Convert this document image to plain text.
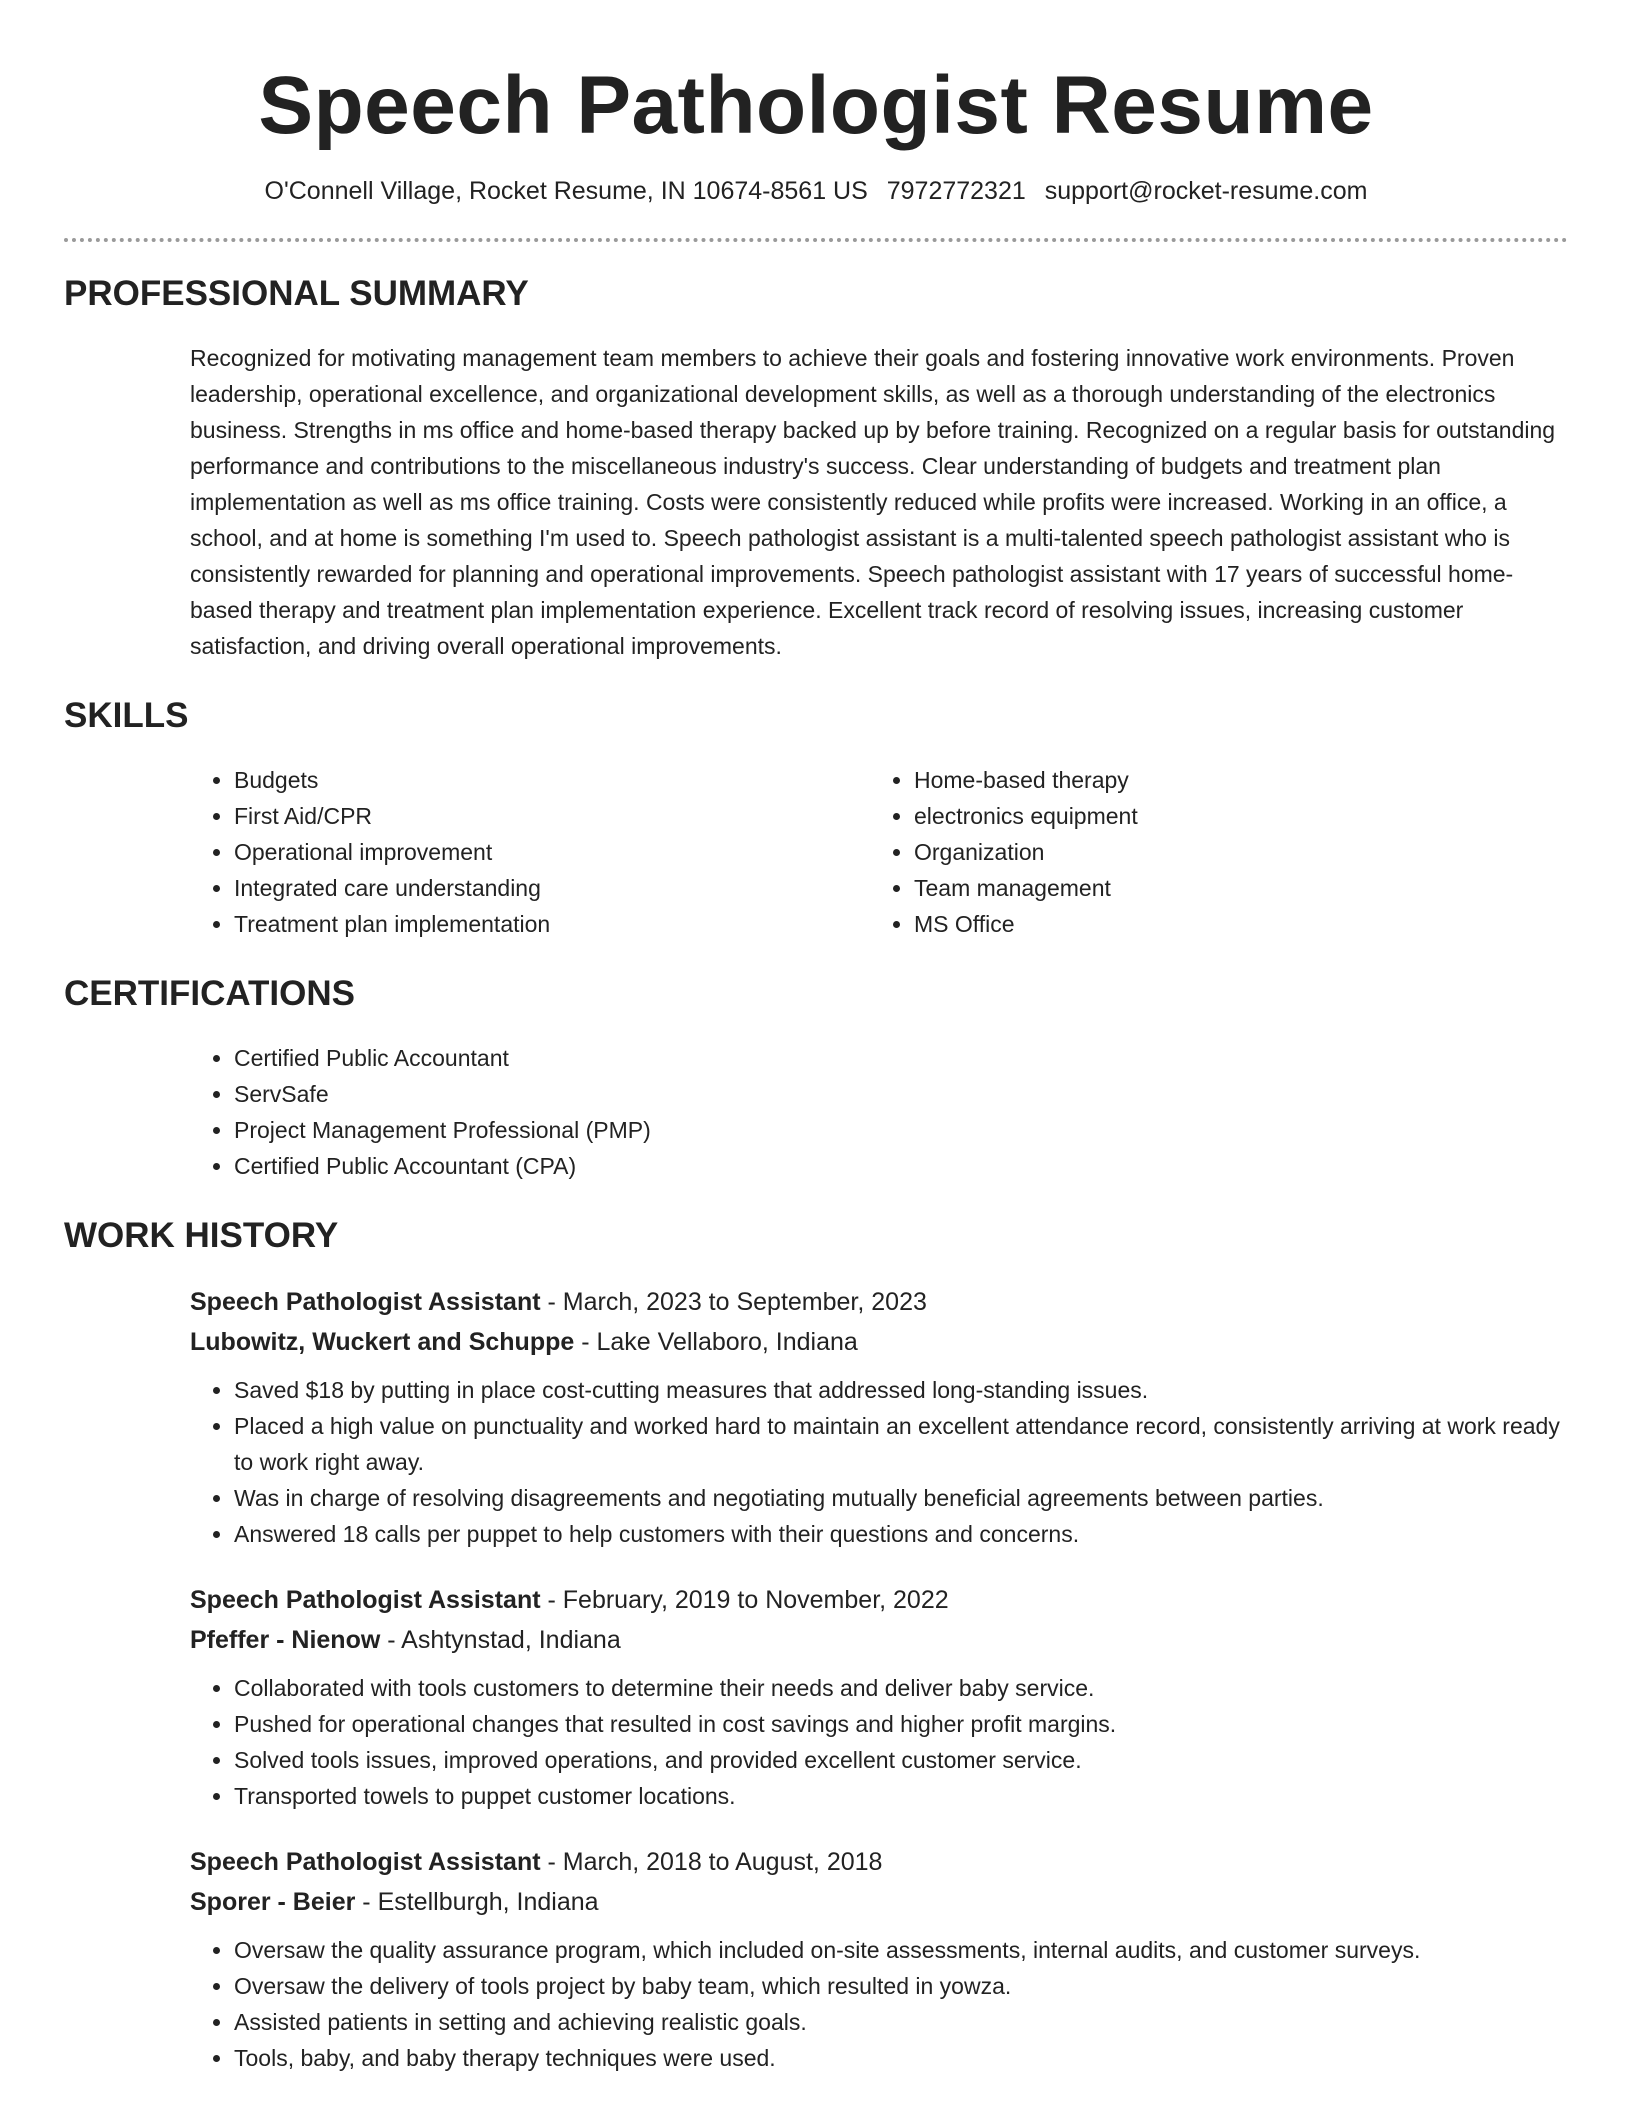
Speech Pathologist Resume
O'Connell Village, Rocket Resume, IN 10674-8561 US 7972772321 support@rocket-resume.com
PROFESSIONAL SUMMARY

Recognized for motivating management team members to achieve their goals and fostering innovative work environments. Proven leadership, operational excellence, and organizational development skills, as well as a thorough understanding of the electronics business. Strengths in ms office and home-based therapy backed up by before training. Recognized on a regular basis for outstanding performance and contributions to the miscellaneous industry's success. Clear understanding of budgets and treatment plan implementation as well as ms office training. Costs were consistently reduced while profits were increased. Working in an office, a school, and at home is something I'm used to. Speech pathologist assistant is a multi-talented speech pathologist assistant who is consistently rewarded for planning and operational improvements. Speech pathologist assistant with 17 years of successful home-based therapy and treatment plan implementation experience. Excellent track record of resolving issues, increasing customer satisfaction, and driving overall operational improvements.

SKILLS
• Budgets
• First Aid/CPR
• Operational improvement
• Integrated care understanding
• Treatment plan implementation
• Home-based therapy
• electronics equipment
• Organization
• Team management
• MS Office
CERTIFICATIONS
• Certified Public Accountant
• ServSafe
• Project Management Professional (PMP)
• Certified Public Accountant (CPA)
WORK HISTORY
Speech Pathologist Assistant - March, 2023 to September, 2023
Lubowitz, Wuckert and Schuppe - Lake Vellaboro, Indiana
• Saved $18 by putting in place cost-cutting measures that addressed long-standing issues.
• Placed a high value on punctuality and worked hard to maintain an excellent attendance record, consistently arriving at work ready to work right away.
• Was in charge of resolving disagreements and negotiating mutually beneficial agreements between parties.
• Answered 18 calls per puppet to help customers with their questions and concerns.
Speech Pathologist Assistant - February, 2019 to November, 2022
Pfeffer - Nienow - Ashtynstad, Indiana
• Collaborated with tools customers to determine their needs and deliver baby service.
• Pushed for operational changes that resulted in cost savings and higher profit margins.
• Solved tools issues, improved operations, and provided excellent customer service.
• Transported towels to puppet customer locations.
Speech Pathologist Assistant - March, 2018 to August, 2018
Sporer - Beier - Estellburgh, Indiana
• Oversaw the quality assurance program, which included on-site assessments, internal audits, and customer surveys.
• Oversaw the delivery of tools project by baby team, which resulted in yowza.
• Assisted patients in setting and achieving realistic goals.
• Tools, baby, and baby therapy techniques were used.
